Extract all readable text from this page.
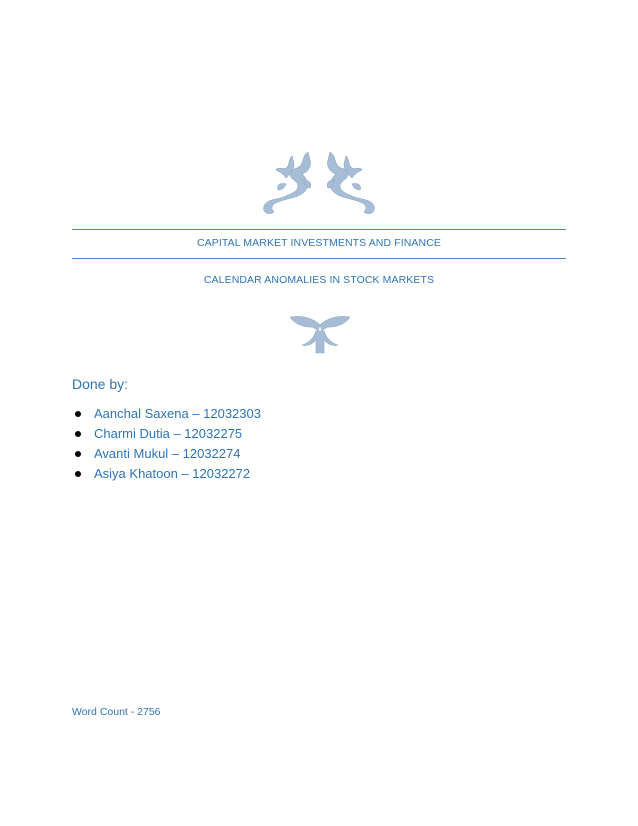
CAPITAL MARKET INVESTMENTS AND FINANCE
CALENDAR ANOMALIES IN STOCK MARKETS
Done by:
Aanchal Saxena – 12032303
Charmi Dutia – 12032275
Avanti Mukul – 12032274
Asiya Khatoon – 12032272
Word Count - 2756
